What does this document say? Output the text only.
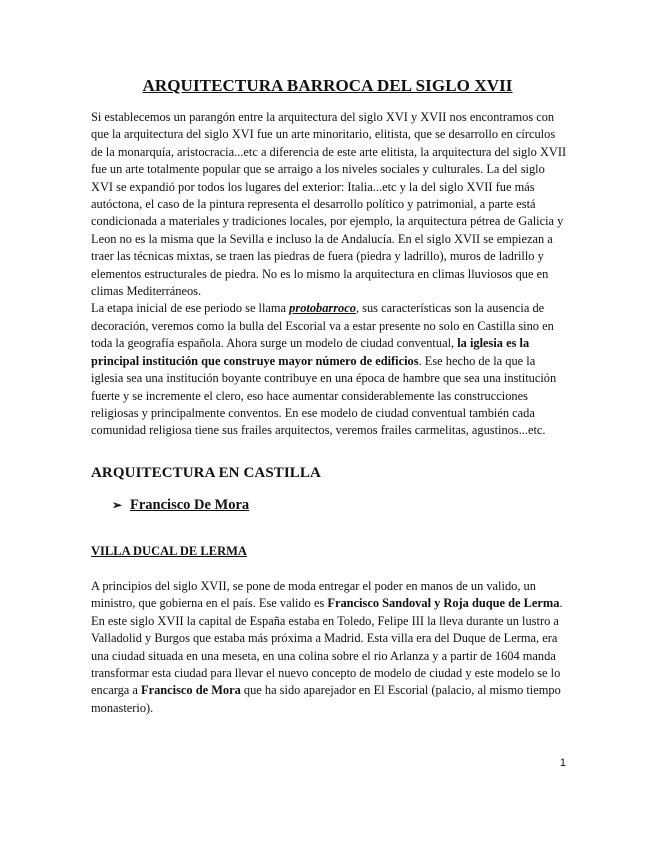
ARQUITECTURA BARROCA DEL SIGLO XVII

Si establecemos un parangón entre la arquitectura del siglo XVI y XVII nos encontramos con que la arquitectura del siglo XVI fue un arte minoritario, elitista, que se desarrollo en círculos de la monarquía, aristocracia...etc a diferencia de este arte elitista, la arquitectura del siglo XVII fue un arte totalmente popular que se arraigo a los niveles sociales y culturales. La del siglo XVI se expandió por todos los lugares del exterior: Italia...etc y la del siglo XVII fue más autóctona, el caso de la pintura representa el desarrollo político y patrimonial, a parte está condicionada a materiales y tradiciones locales, por ejemplo, la arquitectura pétrea de Galicia y Leon no es la misma que la Sevilla e incluso la de Andalucía. En el siglo XVII se empiezan a traer las técnicas mixtas, se traen las piedras de fuera (piedra y ladrillo), muros de ladrillo y elementos estructurales de piedra. No es lo mismo la arquitectura en climas lluviosos que en climas Mediterráneos.

La etapa inicial de ese periodo se llama protobarroco, sus características son la ausencia de decoración, veremos como la bulla del Escorial va a estar presente no solo en Castilla sino en toda la geografía española. Ahora surge un modelo de ciudad conventual, la iglesia es la principal institución que construye mayor número de edificios. Ese hecho de la que la iglesia sea una institución boyante contribuye en una época de hambre que sea una institución fuerte y se incremente el clero, eso hace aumentar considerablemente las construcciones religiosas y principalmente conventos. En ese modelo de ciudad conventual también cada comunidad religiosa tiene sus frailes arquitectos, veremos frailes carmelitas, agustinos...etc.

ARQUITECTURA EN CASTILLA
➢ Francisco De Mora
VILLA DUCAL DE LERMA

A principios del siglo XVII, se pone de moda entregar el poder en manos de un valido, un ministro, que gobierna en el país. Ese valido es Francisco Sandoval y Roja duque de Lerma. En este siglo XVII la capital de España estaba en Toledo, Felipe III la lleva durante un lustro a Valladolid y Burgos que estaba más próxima a Madrid. Esta villa era del Duque de Lerma, era una ciudad situada en una meseta, en una colina sobre el rio Arlanza y a partir de 1604 manda transformar esta ciudad para llevar el nuevo concepto de modelo de ciudad y este modelo se lo encarga a Francisco de Mora que ha sido aparejador en El Escorial (palacio, al mismo tiempo monasterio).

1
